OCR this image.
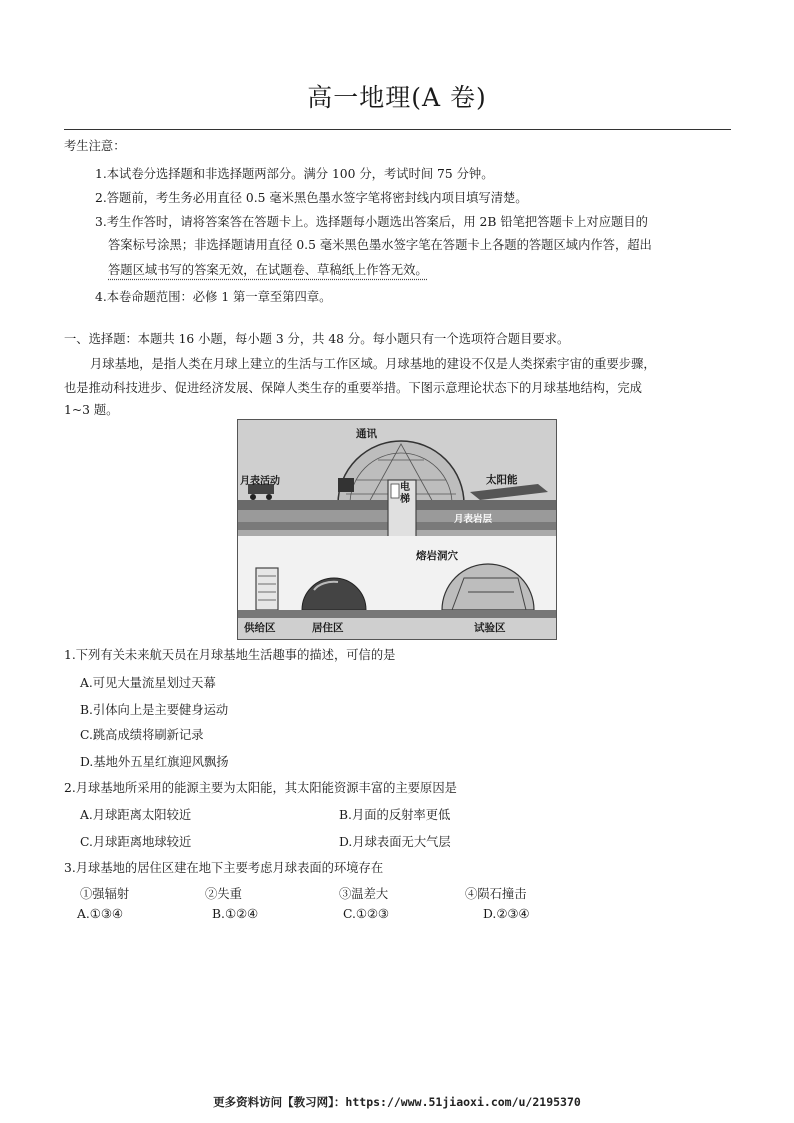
高一地理(A 卷)
考生注意：
1.本试卷分选择题和非选择题两部分。满分 100 分，考试时间 75 分钟。
2.答题前，考生务必用直径 0.5 毫米黑色墨水签字笔将密封线内项目填写清楚。
3.考生作答时，请将答案答在答题卡上。选择题每小题选出答案后，用 2B 铅笔把答题卡上对应题目的
答案标号涂黑；非选择题请用直径 0.5 毫米黑色墨水签字笔在答题卡上各题的答题区域内作答，超出
答题区域书写的答案无效，在试题卷、草稿纸上作答无效。
4.本卷命题范围：必修 1 第一章至第四章。
一、选择题：本题共 16 小题，每小题 3 分，共 48 分。每小题只有一个选项符合题目要求。
月球基地，是指人类在月球上建立的生活与工作区域。月球基地的建设不仅是人类探索宇宙的重要步骤，
也是推动科技进步、促进经济发展、保障人类生存的重要举措。下图示意理论状态下的月球基地结构，完成
1~3 题。
通讯
月表活动	太阳能
电梯
月表岩层
熔岩洞穴
供给区	居住区	试验区
1.下列有关未来航天员在月球基地生活趣事的描述，可信的是
A.可见大量流星划过天幕
B.引体向上是主要健身运动
C.跳高成绩将刷新记录
D.基地外五星红旗迎风飘扬
2.月球基地所采用的能源主要为太阳能，其太阳能资源丰富的主要原因是
A.月球距离太阳较近	B.月面的反射率更低
C.月球距离地球较近	D.月球表面无大气层
3.月球基地的居住区建在地下主要考虑月球表面的环境存在
①强辐射	②失重	③温差大	④陨石撞击
A.①③④	B.①②④	C.①②③	D.②③④
更多资料访问【教习网】：https://www.51jiaoxi.com/u/2195370
